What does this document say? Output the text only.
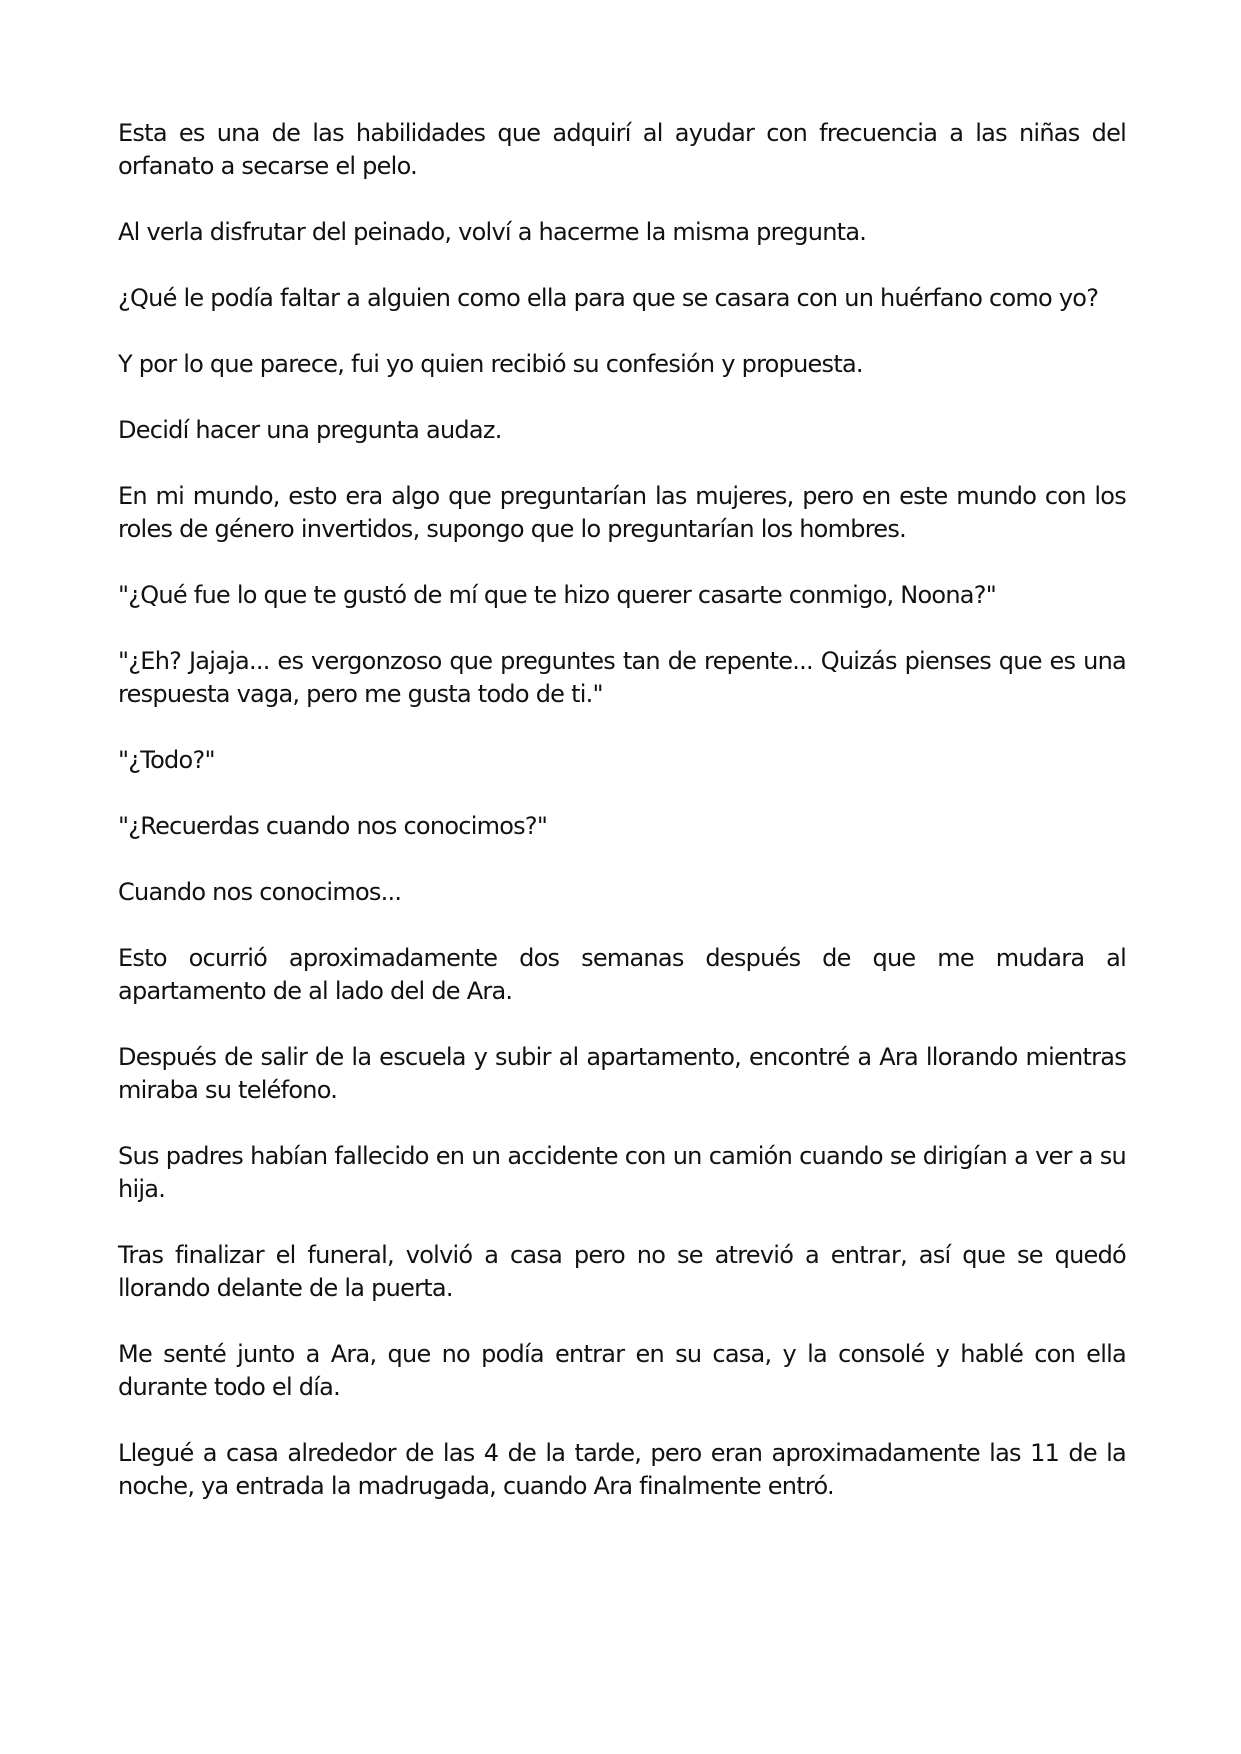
Esta es una de las habilidades que adquirí al ayudar con frecuencia a las niñas del orfanato a secarse el pelo.

Al verla disfrutar del peinado, volví a hacerme la misma pregunta.

¿Qué le podía faltar a alguien como ella para que se casara con un huérfano como yo?

Y por lo que parece, fui yo quien recibió su confesión y propuesta.

Decidí hacer una pregunta audaz.

En mi mundo, esto era algo que preguntarían las mujeres, pero en este mundo con los roles de género invertidos, supongo que lo preguntarían los hombres.

"¿Qué fue lo que te gustó de mí que te hizo querer casarte conmigo, Noona?"

"¿Eh? Jajaja... es vergonzoso que preguntes tan de repente... Quizás pienses que es una respuesta vaga, pero me gusta todo de ti."

"¿Todo?"

"¿Recuerdas cuando nos conocimos?"

Cuando nos conocimos...

Esto ocurrió aproximadamente dos semanas después de que me mudara al apartamento de al lado del de Ara.

Después de salir de la escuela y subir al apartamento, encontré a Ara llorando mientras miraba su teléfono.

Sus padres habían fallecido en un accidente con un camión cuando se dirigían a ver a su hija.

Tras finalizar el funeral, volvió a casa pero no se atrevió a entrar, así que se quedó llorando delante de la puerta.

Me senté junto a Ara, que no podía entrar en su casa, y la consolé y hablé con ella durante todo el día.

Llegué a casa alrededor de las 4 de la tarde, pero eran aproximadamente las 11 de la noche, ya entrada la madrugada, cuando Ara finalmente entró.
